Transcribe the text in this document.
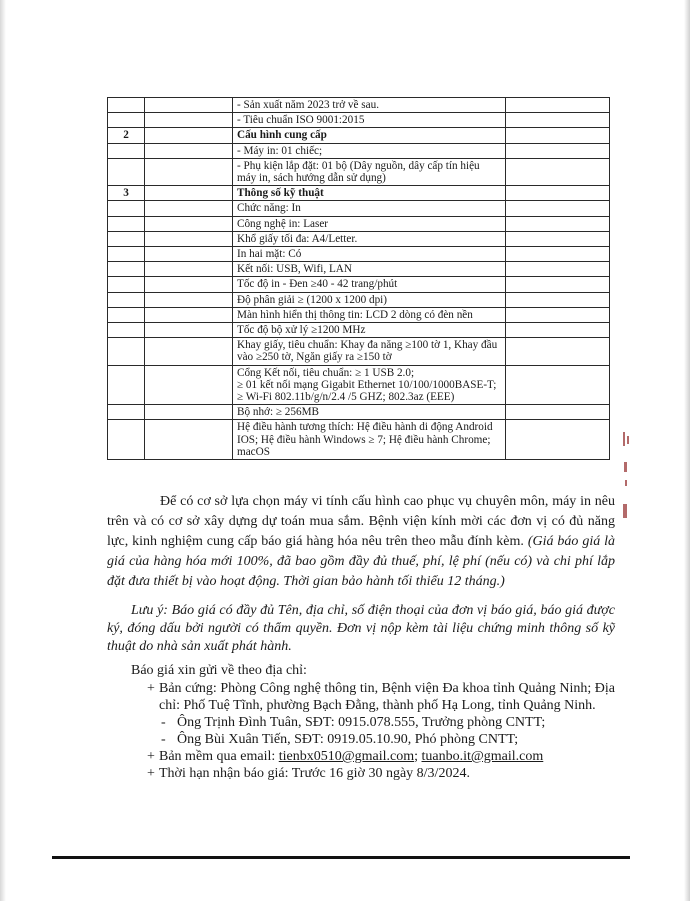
		- Sản xuất năm 2023 trở về sau.	
		- Tiêu chuẩn ISO 9001:2015	
2		Cấu hình cung cấp	
		- Máy in: 01 chiếc;	
		- Phụ kiện lắp đặt: 01 bộ (Dây nguồn, dây cấp tín hiệu máy in, sách hướng dẫn sử dụng)	
3		Thông số kỹ thuật	
		Chức năng: In	
		Công nghệ in: Laser	
		Khổ giấy tối đa: A4/Letter.	
		In hai mặt: Có	
		Kết nối: USB, Wifi, LAN	
		Tốc độ in - Đen ≥40 - 42 trang/phút	
		Độ phân giải ≥ (1200 x 1200 dpi)	
		Màn hình hiển thị thông tin: LCD 2 dòng có đèn nền	
		Tốc độ bộ xử lý ≥1200 MHz	
		Khay giấy, tiêu chuẩn: Khay đa năng ≥100 tờ 1, Khay đầu vào ≥250 tờ, Ngăn giấy ra ≥150 tờ	
		Cổng Kết nối, tiêu chuẩn: ≥ 1 USB 2.0;
≥ 01 kết nối mạng Gigabit Ethernet 10/100/1000BASE-T;
≥ Wi-Fi 802.11b/g/n/2.4 /5 GHZ; 802.3az (EEE)	
		Bộ nhớ: ≥ 256MB	
		Hệ điều hành tương thích: Hệ điều hành di động Android IOS; Hệ điều hành Windows ≥ 7; Hệ điều hành Chrome; macOS	

Để có cơ sở lựa chọn máy vi tính cấu hình cao phục vụ chuyên môn, máy in nêu trên và có cơ sở xây dựng dự toán mua sắm. Bệnh viện kính mời các đơn vị có đủ năng lực, kinh nghiệm cung cấp báo giá hàng hóa nêu trên theo mẫu đính kèm. (Giá báo giá là giá của hàng hóa mới 100%, đã bao gồm đầy đủ thuế, phí, lệ phí (nếu có) và chi phí lắp đặt đưa thiết bị vào hoạt động. Thời gian bảo hành tối thiểu 12 tháng.)

Lưu ý: Báo giá có đầy đủ Tên, địa chỉ, số điện thoại của đơn vị báo giá, báo giá được ký, đóng dấu bởi người có thẩm quyền. Đơn vị nộp kèm tài liệu chứng minh thông số kỹ thuật do nhà sản xuất phát hành.

Báo giá xin gửi về theo địa chỉ:

+ Bản cứng: Phòng Công nghệ thông tin, Bệnh viện Đa khoa tỉnh Quảng Ninh; Địa chỉ: Phố Tuệ Tĩnh, phường Bạch Đằng, thành phố Hạ Long, tỉnh Quảng Ninh.
- Ông Trịnh Đình Tuân, SĐT: 0915.078.555, Trưởng phòng CNTT;
- Ông Bùi Xuân Tiến, SĐT: 0919.05.10.90, Phó phòng CNTT;
+ Bản mềm qua email: tienbx0510@gmail.com; tuanbo.it@gmail.com
+ Thời hạn nhận báo giá: Trước 16 giờ 30 ngày 8/3/2024.
